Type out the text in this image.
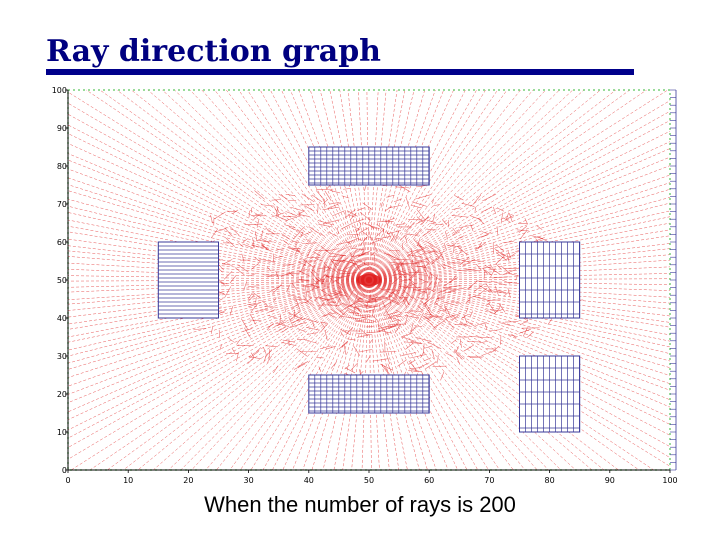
Ray direction graph
0	10	20	30	40	50	60	70	80	90	100
0
10
20
30
40
50
60
70
80
90
100
When the number of rays is 200
